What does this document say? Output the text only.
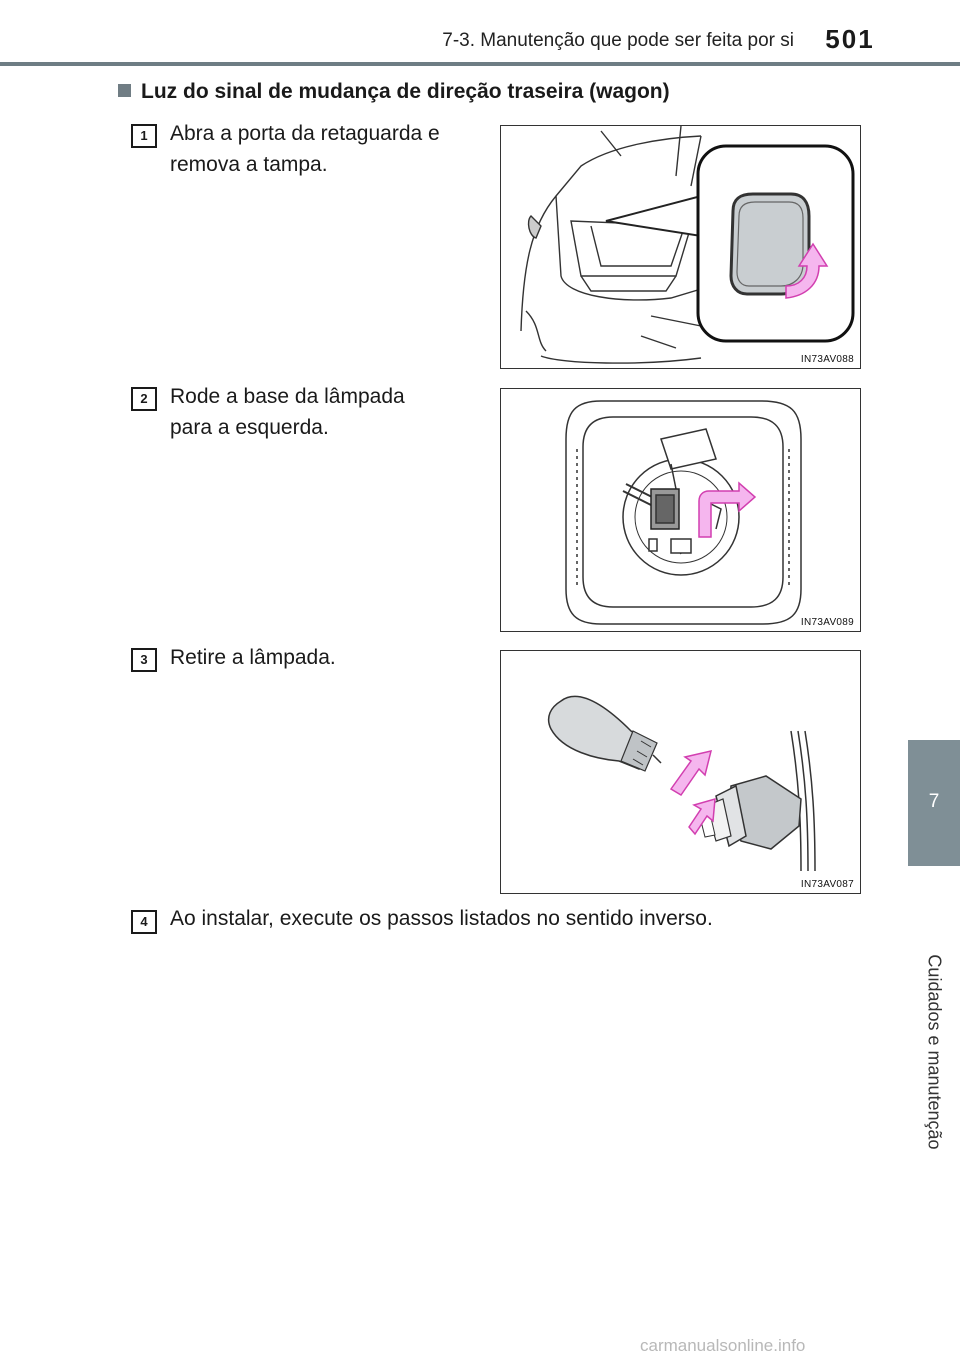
7-3. Manutenção que pode ser feita por si	501
7
Cuidados e manutenção
Luz do sinal de mudança de direção traseira (wagon)
1	Abra a porta da retaguarda e
remova a tampa.
IN73AV088
2	Rode a base da lâmpada
para a esquerda.
IN73AV089
3	Retire a lâmpada.
IN73AV087
4	Ao instalar, execute os passos listados no sentido inverso.
carmanualsonline.info
